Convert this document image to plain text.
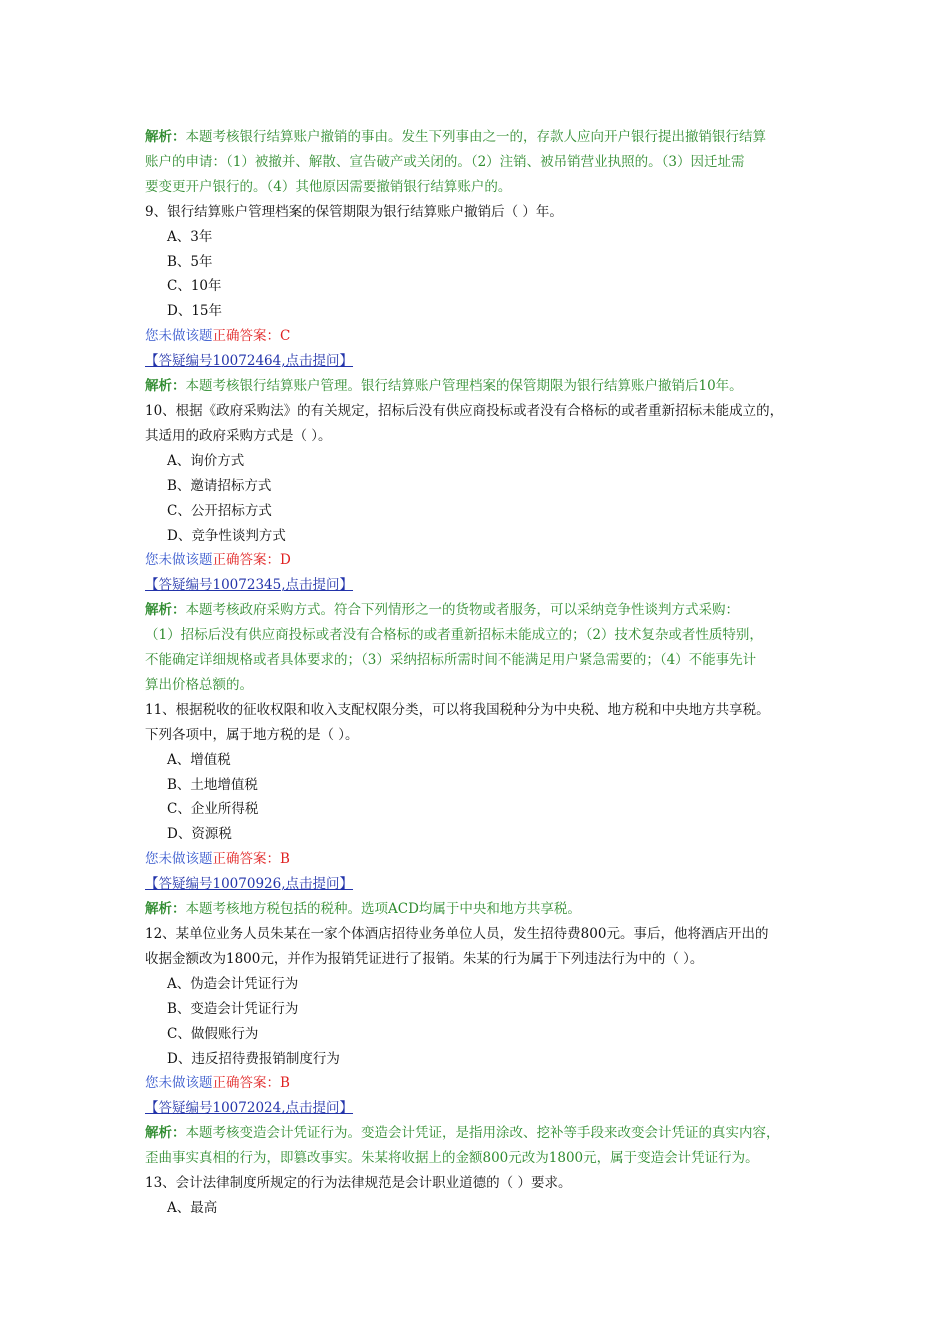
解析：本题考核银行结算账户撤销的事由。发生下列事由之一的，存款人应向开户银行提出撤销银行结算
账户的申请：（1）被撤并、解散、宣告破产或关闭的。（2）注销、被吊销营业执照的。（3）因迁址需
要变更开户银行的。（4）其他原因需要撤销银行结算账户的。
9、银行结算账户管理档案的保管期限为银行结算账户撤销后（ ）年。
A、3年
B、5年
C、10年
D、15年
您未做该题正确答案：C
【答疑编号10072464,点击提问】
解析：本题考核银行结算账户管理。银行结算账户管理档案的保管期限为银行结算账户撤销后10年。
10、根据《政府采购法》的有关规定，招标后没有供应商投标或者没有合格标的或者重新招标未能成立的，
其适用的政府采购方式是（ ）。
A、询价方式
B、邀请招标方式
C、公开招标方式
D、竞争性谈判方式
您未做该题正确答案：D
【答疑编号10072345,点击提问】
解析：本题考核政府采购方式。符合下列情形之一的货物或者服务，可以采纳竞争性谈判方式采购：
（1）招标后没有供应商投标或者没有合格标的或者重新招标未能成立的；（2）技术复杂或者性质特别，
不能确定详细规格或者具体要求的；（3）采纳招标所需时间不能满足用户紧急需要的；（4）不能事先计
算出价格总额的。
11、根据税收的征收权限和收入支配权限分类，可以将我国税种分为中央税、地方税和中央地方共享税。
下列各项中，属于地方税的是（ ）。
A、增值税
B、土地增值税
C、企业所得税
D、资源税
您未做该题正确答案：B
【答疑编号10070926,点击提问】
解析：本题考核地方税包括的税种。选项ACD均属于中央和地方共享税。
12、某单位业务人员朱某在一家个体酒店招待业务单位人员，发生招待费800元。事后，他将酒店开出的
收据金额改为1800元，并作为报销凭证进行了报销。朱某的行为属于下列违法行为中的（ ）。
A、伪造会计凭证行为
B、变造会计凭证行为
C、做假账行为
D、违反招待费报销制度行为
您未做该题正确答案：B
【答疑编号10072024,点击提问】
解析：本题考核变造会计凭证行为。变造会计凭证，是指用涂改、挖补等手段来改变会计凭证的真实内容，
歪曲事实真相的行为，即篡改事实。朱某将收据上的金额800元改为1800元，属于变造会计凭证行为。
13、会计法律制度所规定的行为法律规范是会计职业道德的（ ）要求。
A、最高
